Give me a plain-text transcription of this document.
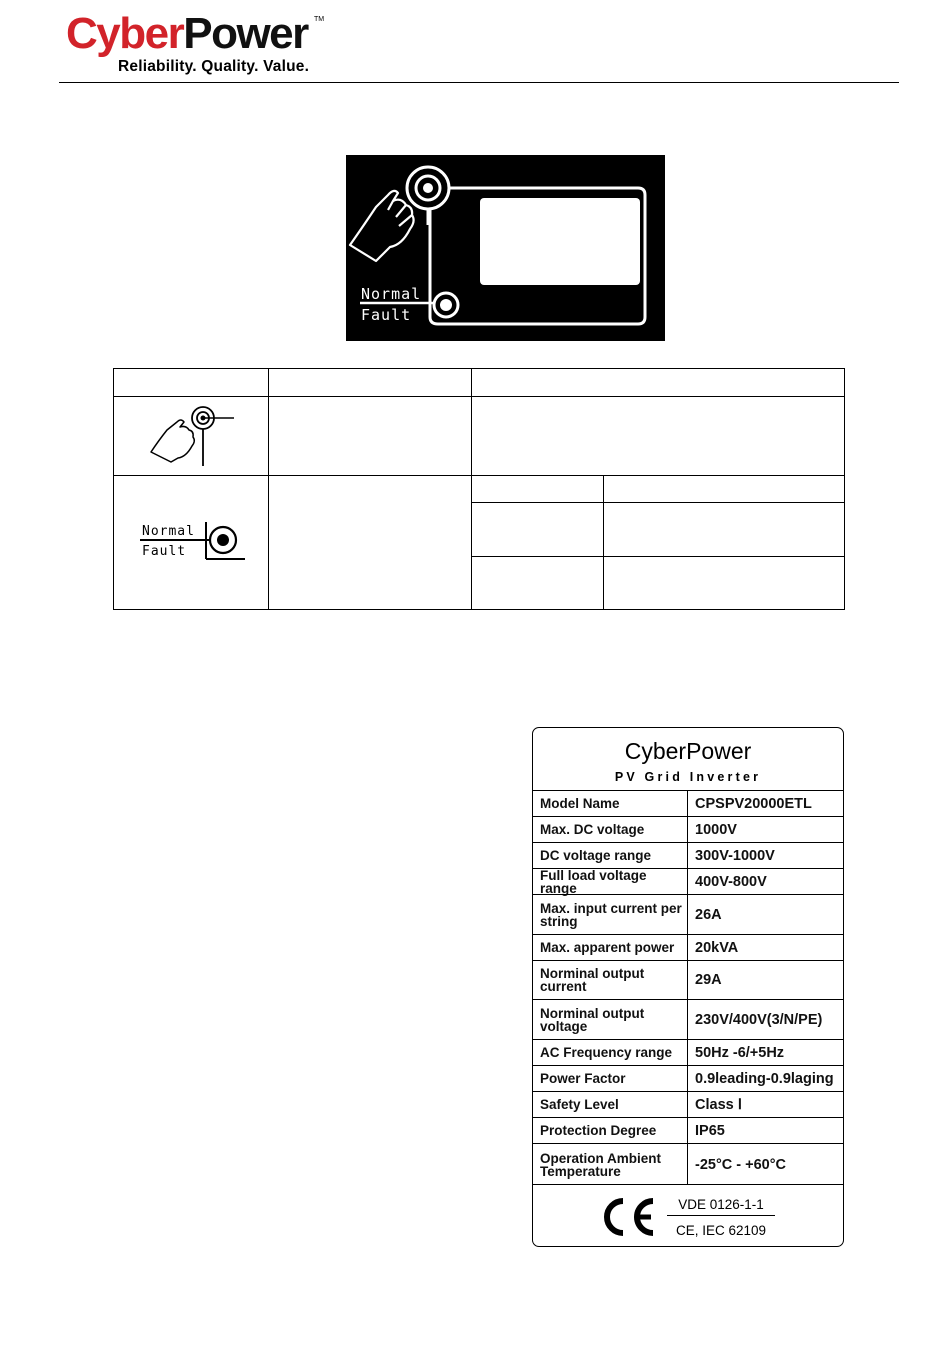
CyberPower TM
Reliability. Quality. Value.
Normal
Fault
Normal
Fault
CyberPower
PV Grid Inverter
Model Name	CPSPV20000ETL
Max. DC voltage	1000V
DC voltage range	300V-1000V
Full load voltage range	400V-800V
Max. input current per string	26A
Max. apparent power	20kVA
Norminal output current	29A
Norminal output voltage	230V/400V(3/N/PE)
AC Frequency range	50Hz -6/+5Hz
Power Factor	0.9leading-0.9laging
Safety Level	Class Ⅰ
Protection Degree	IP65
Operation Ambient Temperature	-25°C - +60°C
CE
VDE 0126-1-1
CE, IEC 62109
